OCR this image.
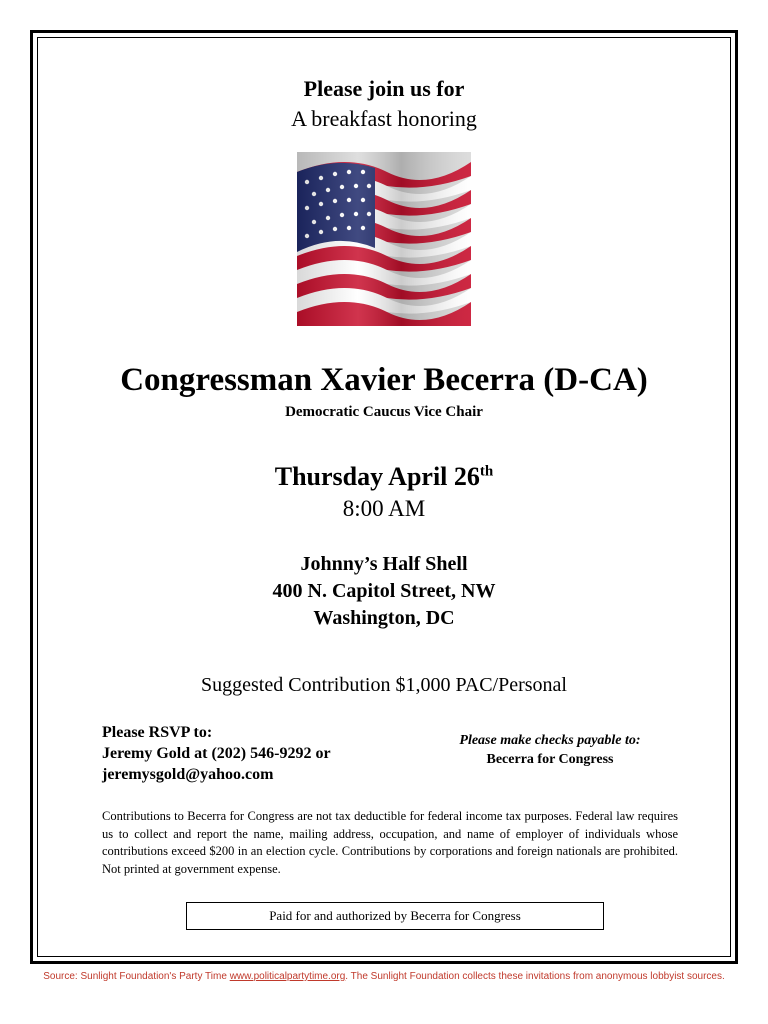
Please join us for
A breakfast honoring
Congressman Xavier Becerra (D-CA)
Democratic Caucus Vice Chair
Thursday April 26th
8:00 AM
Johnny’s Half Shell
400 N. Capitol Street, NW
Washington, DC
Suggested Contribution $1,000 PAC/Personal
Please RSVP to:
Jeremy Gold at (202) 546-9292 or
jeremysgold@yahoo.com
Please make checks payable to:
Becerra for Congress
Contributions to Becerra for Congress are not tax deductible for federal income tax purposes. Federal law requires us to collect and report the name, mailing address, occupation, and name of employer of individuals whose contributions exceed $200 in an election cycle. Contributions by corporations and foreign nationals are prohibited. Not printed at government expense.
Paid for and authorized by Becerra for Congress
Source: Sunlight Foundation's Party Time www.politicalpartytime.org. The Sunlight Foundation collects these invitations from anonymous lobbyist sources.
